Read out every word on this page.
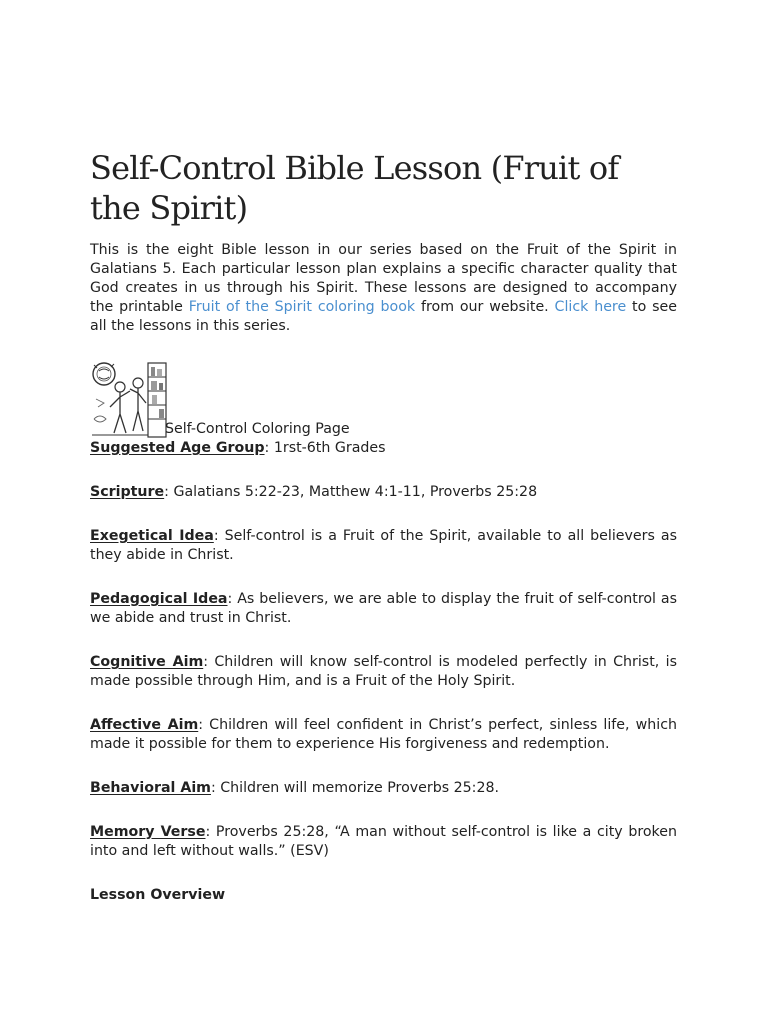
Self-Control Bible Lesson (Fruit of the Spirit)

This is the eight Bible lesson in our series based on the Fruit of the Spirit in Galatians 5. Each particular lesson plan explains a specific character quality that God creates in us through his Spirit. These lessons are designed to accompany the printable Fruit of the Spirit coloring book from our website. Click here to see all the lessons in this series.

Self-Control Coloring Page

Suggested Age Group: 1rst-6th Grades

Scripture: Galatians 5:22-23, Matthew 4:1-11, Proverbs 25:28

Exegetical Idea: Self-control is a Fruit of the Spirit, available to all believers as they abide in Christ.

Pedagogical Idea: As believers, we are able to display the fruit of self-control as we abide and trust in Christ.

Cognitive Aim: Children will know self-control is modeled perfectly in Christ, is made possible through Him, and is a Fruit of the Holy Spirit.

Affective Aim: Children will feel confident in Christ’s perfect, sinless life, which made it possible for them to experience His forgiveness and redemption.

Behavioral Aim: Children will memorize Proverbs 25:28.

Memory Verse: Proverbs 25:28, “A man without self-control is like a city broken into and left without walls.” (ESV)

Lesson Overview
